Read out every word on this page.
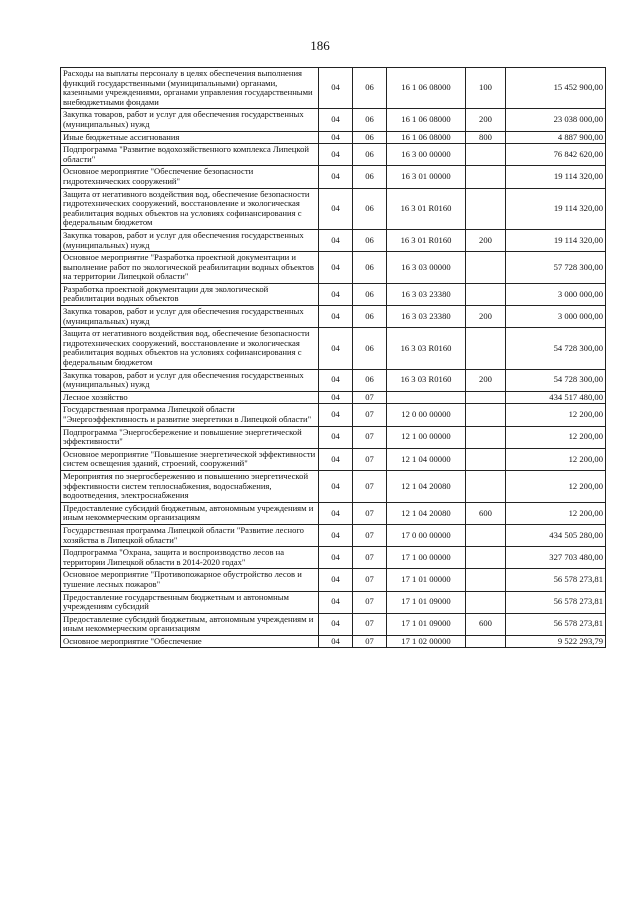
186
Расходы на выплаты персоналу в целях обеспечения выполнения функций государственными (муниципальными) органами, казенными учреждениями, органами управления государственными внебюджетными фондами	04	06	16 1 06 08000	100	15 452 900,00
Закупка товаров, работ и услуг для обеспечения государственных (муниципальных) нужд	04	06	16 1 06 08000	200	23 038 000,00
Иные бюджетные ассигнования	04	06	16 1 06 08000	800	4 887 900,00
Подпрограмма "Развитие водохозяйственного комплекса Липецкой области"	04	06	16 3 00 00000		76 842 620,00
Основное мероприятие "Обеспечение безопасности гидротехнических сооружений"	04	06	16 3 01 00000		19 114 320,00
Защита от негативного воздействия вод, обеспечение безопасности гидротехнических сооружений, восстановление и экологическая реабилитация водных объектов на условиях софинансирования с федеральным бюджетом	04	06	16 3 01 R0160		19 114 320,00
Закупка товаров, работ и услуг для обеспечения государственных (муниципальных) нужд	04	06	16 3 01 R0160	200	19 114 320,00
Основное мероприятие "Разработка проектной документации и выполнение работ по экологической реабилитации водных объектов на территории Липецкой области"	04	06	16 3 03 00000		57 728 300,00
Разработка проектной документации для экологической реабилитации водных объектов	04	06	16 3 03 23380		3 000 000,00
Закупка товаров, работ и услуг для обеспечения государственных (муниципальных) нужд	04	06	16 3 03 23380	200	3 000 000,00
Защита от негативного воздействия вод, обеспечение безопасности гидротехнических сооружений, восстановление и экологическая реабилитация водных объектов на условиях софинансирования с федеральным бюджетом	04	06	16 3 03 R0160		54 728 300,00
Закупка товаров, работ и услуг для обеспечения государственных (муниципальных) нужд	04	06	16 3 03 R0160	200	54 728 300,00
Лесное хозяйство	04	07			434 517 480,00
Государственная программа Липецкой области "Энергоэффективность и развитие энергетики в Липецкой области"	04	07	12 0 00 00000		12 200,00
Подпрограмма "Энергосбережение и повышение энергетической эффективности"	04	07	12 1 00 00000		12 200,00
Основное мероприятие "Повышение энергетической эффективности систем освещения зданий, строений, сооружений"	04	07	12 1 04 00000		12 200,00
Мероприятия по энергосбережению и повышению энергетической эффективности систем теплоснабжения, водоснабжения, водоотведения, электроснабжения	04	07	12 1 04 20080		12 200,00
Предоставление субсидий бюджетным, автономным учреждениям и иным некоммерческим организациям	04	07	12 1 04 20080	600	12 200,00
Государственная программа Липецкой области "Развитие лесного хозяйства в Липецкой области"	04	07	17 0 00 00000		434 505 280,00
Подпрограмма "Охрана, защита и воспроизводство лесов на территории Липецкой области в 2014-2020 годах"	04	07	17 1 00 00000		327 703 480,00
Основное мероприятие "Противопожарное обустройство лесов и тушение лесных пожаров"	04	07	17 1 01 00000		56 578 273,81
Предоставление государственным бюджетным и автономным учреждениям субсидий	04	07	17 1 01 09000		56 578 273,81
Предоставление субсидий бюджетным, автономным учреждениям и иным некоммерческим организациям	04	07	17 1 01 09000	600	56 578 273,81
Основное мероприятие "Обеспечение	04	07	17 1 02 00000		9 522 293,79
